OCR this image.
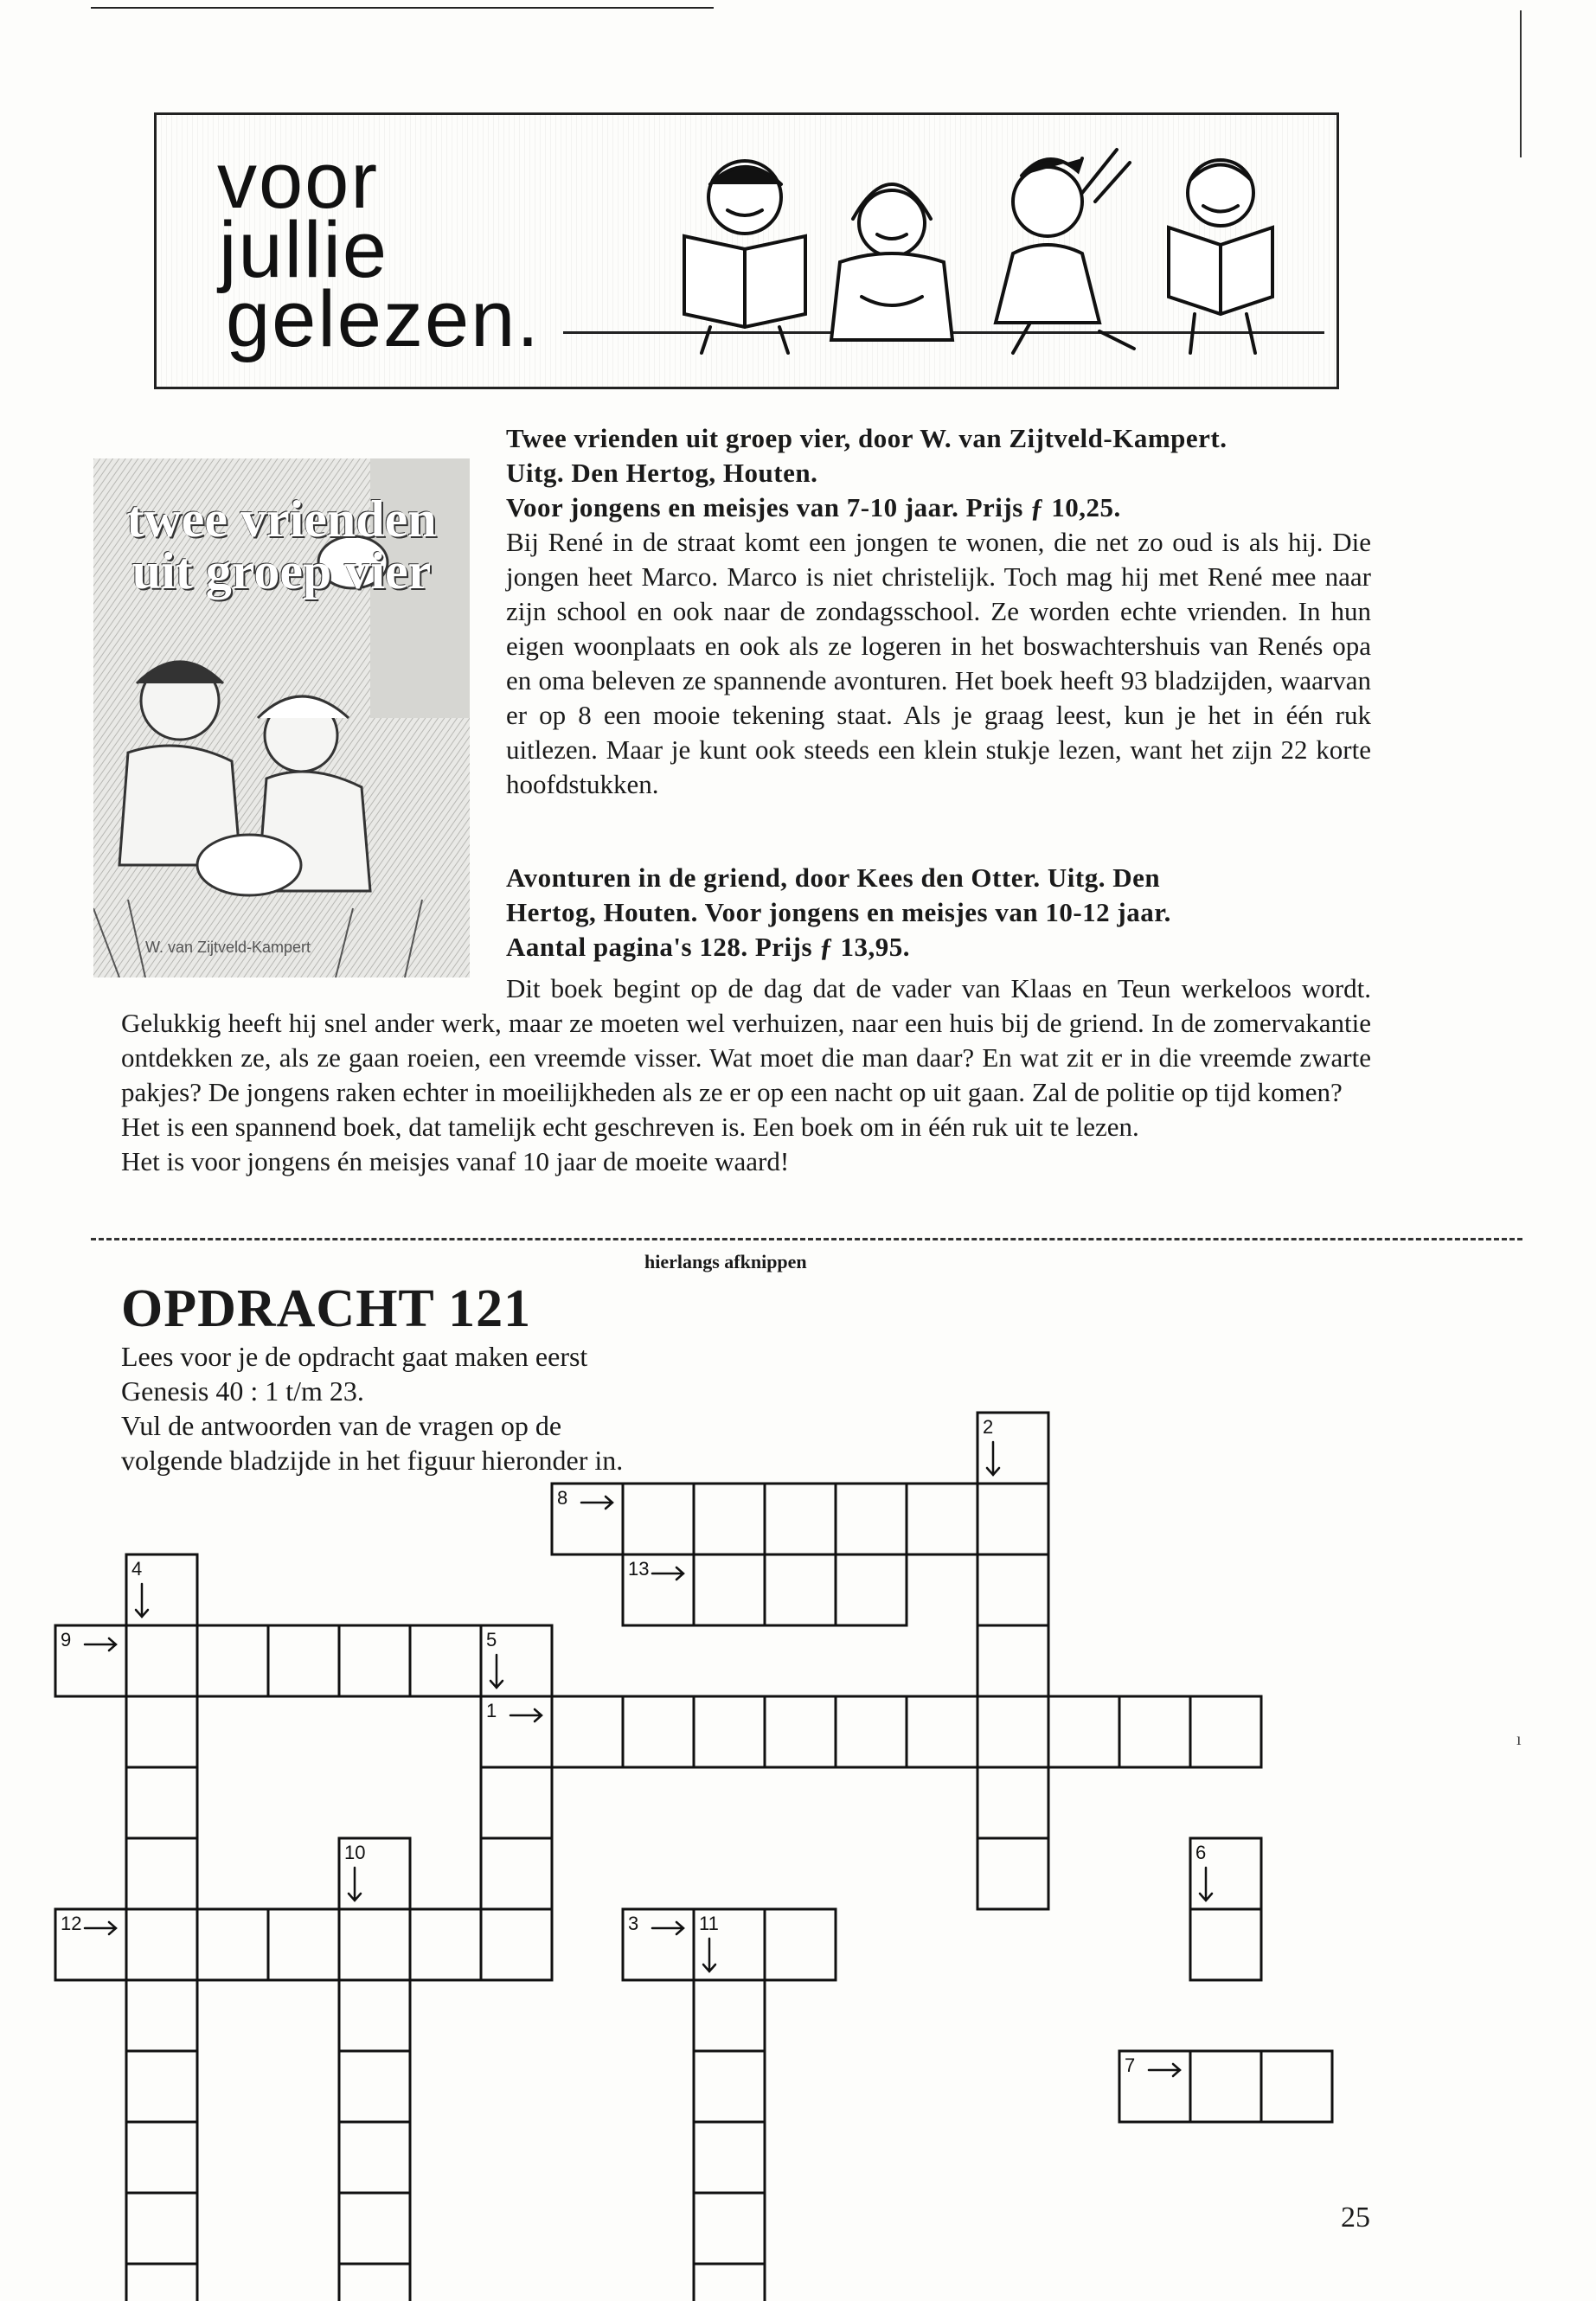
voor
jullie
gelezen.
twee vrienden
uit groep vier
W. van Zijtveld-Kampert
Twee vrienden uit groep vier, door W. van Zijtveld-Kampert.
Uitg. Den Hertog, Houten.
Voor jongens en meisjes van 7-10 jaar. Prijs ƒ 10,25.

Bij René in de straat komt een jongen te wonen, die net zo oud is als hij. Die jongen heet Marco. Marco is niet christelijk. Toch mag hij met René mee naar zijn school en ook naar de zondagsschool. Ze worden echte vrienden. In hun eigen woonplaats en ook als ze logeren in het boswachtershuis van Renés opa en oma beleven ze spannende avonturen. Het boek heeft 93 bladzijden, waarvan er op 8 een mooie tekening staat. Als je graag leest, kun je het in één ruk uitlezen. Maar je kunt ook steeds een klein stukje lezen, want het zijn 22 korte hoofdstukken.

Avonturen in de griend, door Kees den Otter. Uitg. Den
Hertog, Houten. Voor jongens en meisjes van 10-12 jaar.
Aantal pagina's 128. Prijs ƒ 13,95.

Dit boek begint op de dag dat de vader van Klaas en Teun werkeloos wordt. Gelukkig heeft hij snel ander werk, maar ze moeten wel verhuizen, naar een huis bij de griend. In de zomervakantie ontdekken ze, als ze gaan roeien, een vreemde visser. Wat moet die man daar? En wat zit er in die vreemde zwarte pakjes? De jongens raken echter in moeilijkheden als ze er op een nacht op uit gaan. Zal de politie op tijd komen?

Het is een spannend boek, dat tamelijk echt geschreven is. Een boek om in één ruk uit te lezen.

Het is voor jongens én meisjes vanaf 10 jaar de moeite waard!

hierlangs afknippen
OPDRACHT 121

Lees voor je de opdracht gaat maken eerst Genesis 40 : 1 t/m 23.

Vul de antwoorden van de vragen op de volgende bladzijde in het figuur hieronder in.

1
2
3
4
5
6
7
8
9
10
11
12
13
25
ı
